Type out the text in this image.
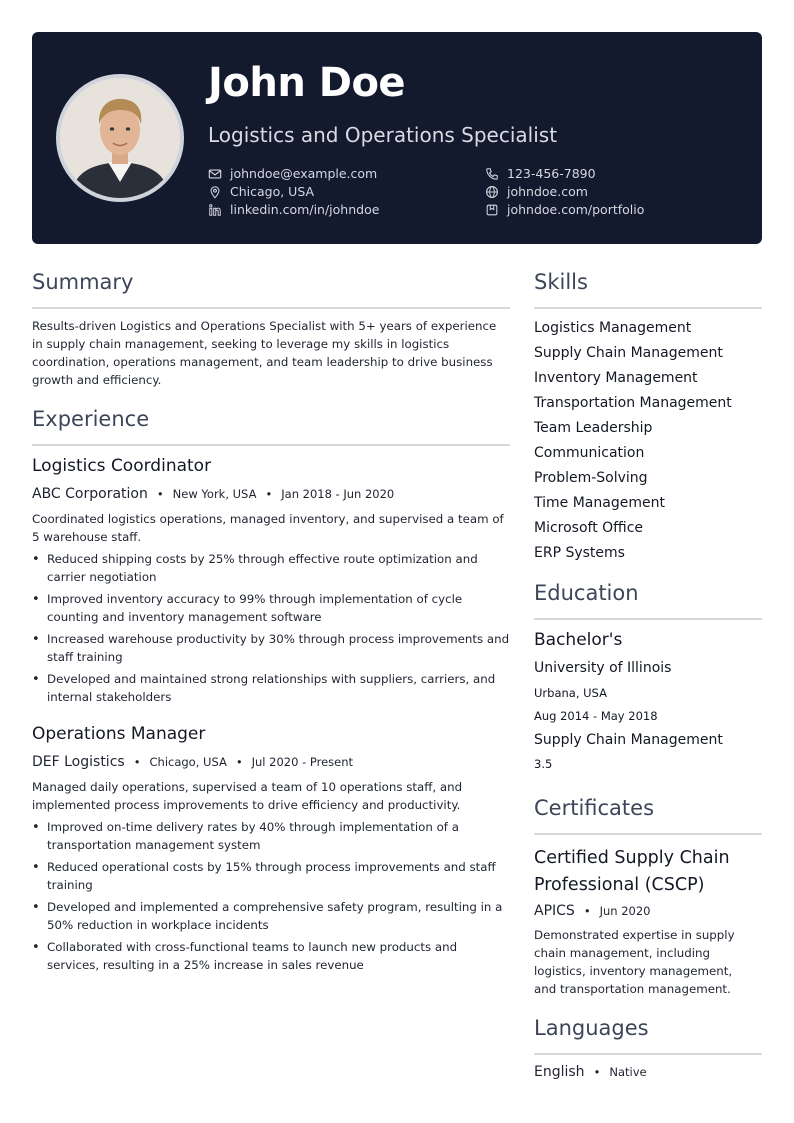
John Doe
Logistics and Operations Specialist
johndoe@example.com	123-456-7890
Chicago, USA	johndoe.com
linkedin.com/in/johndoe	johndoe.com/portfolio
Summary
Results-driven Logistics and Operations Specialist with 5+ years of experience in supply chain management, seeking to leverage my skills in logistics coordination, operations management, and team leadership to drive business growth and efficiency.
Experience
Logistics Coordinator
ABC Corporation • New York, USA • Jan 2018 - Jun 2020
Coordinated logistics operations, managed inventory, and supervised a team of 5 warehouse staff.
• Reduced shipping costs by 25% through effective route optimization and carrier negotiation
• Improved inventory accuracy to 99% through implementation of cycle counting and inventory management software
• Increased warehouse productivity by 30% through process improvements and staff training
• Developed and maintained strong relationships with suppliers, carriers, and internal stakeholders
Operations Manager
DEF Logistics • Chicago, USA • Jul 2020 - Present
Managed daily operations, supervised a team of 10 operations staff, and implemented process improvements to drive efficiency and productivity.
• Improved on-time delivery rates by 40% through implementation of a transportation management system
• Reduced operational costs by 15% through process improvements and staff training
• Developed and implemented a comprehensive safety program, resulting in a 50% reduction in workplace incidents
• Collaborated with cross-functional teams to launch new products and services, resulting in a 25% increase in sales revenue
Skills
Logistics Management
Supply Chain Management
Inventory Management
Transportation Management
Team Leadership
Communication
Problem-Solving
Time Management
Microsoft Office
ERP Systems
Education
Bachelor's
University of Illinois
Urbana, USA
Aug 2014 - May 2018
Supply Chain Management
3.5
Certificates
Certified Supply Chain
Professional (CSCP)
APICS • Jun 2020
Demonstrated expertise in supply chain management, including logistics, inventory management, and transportation management.
Languages
English • Native
